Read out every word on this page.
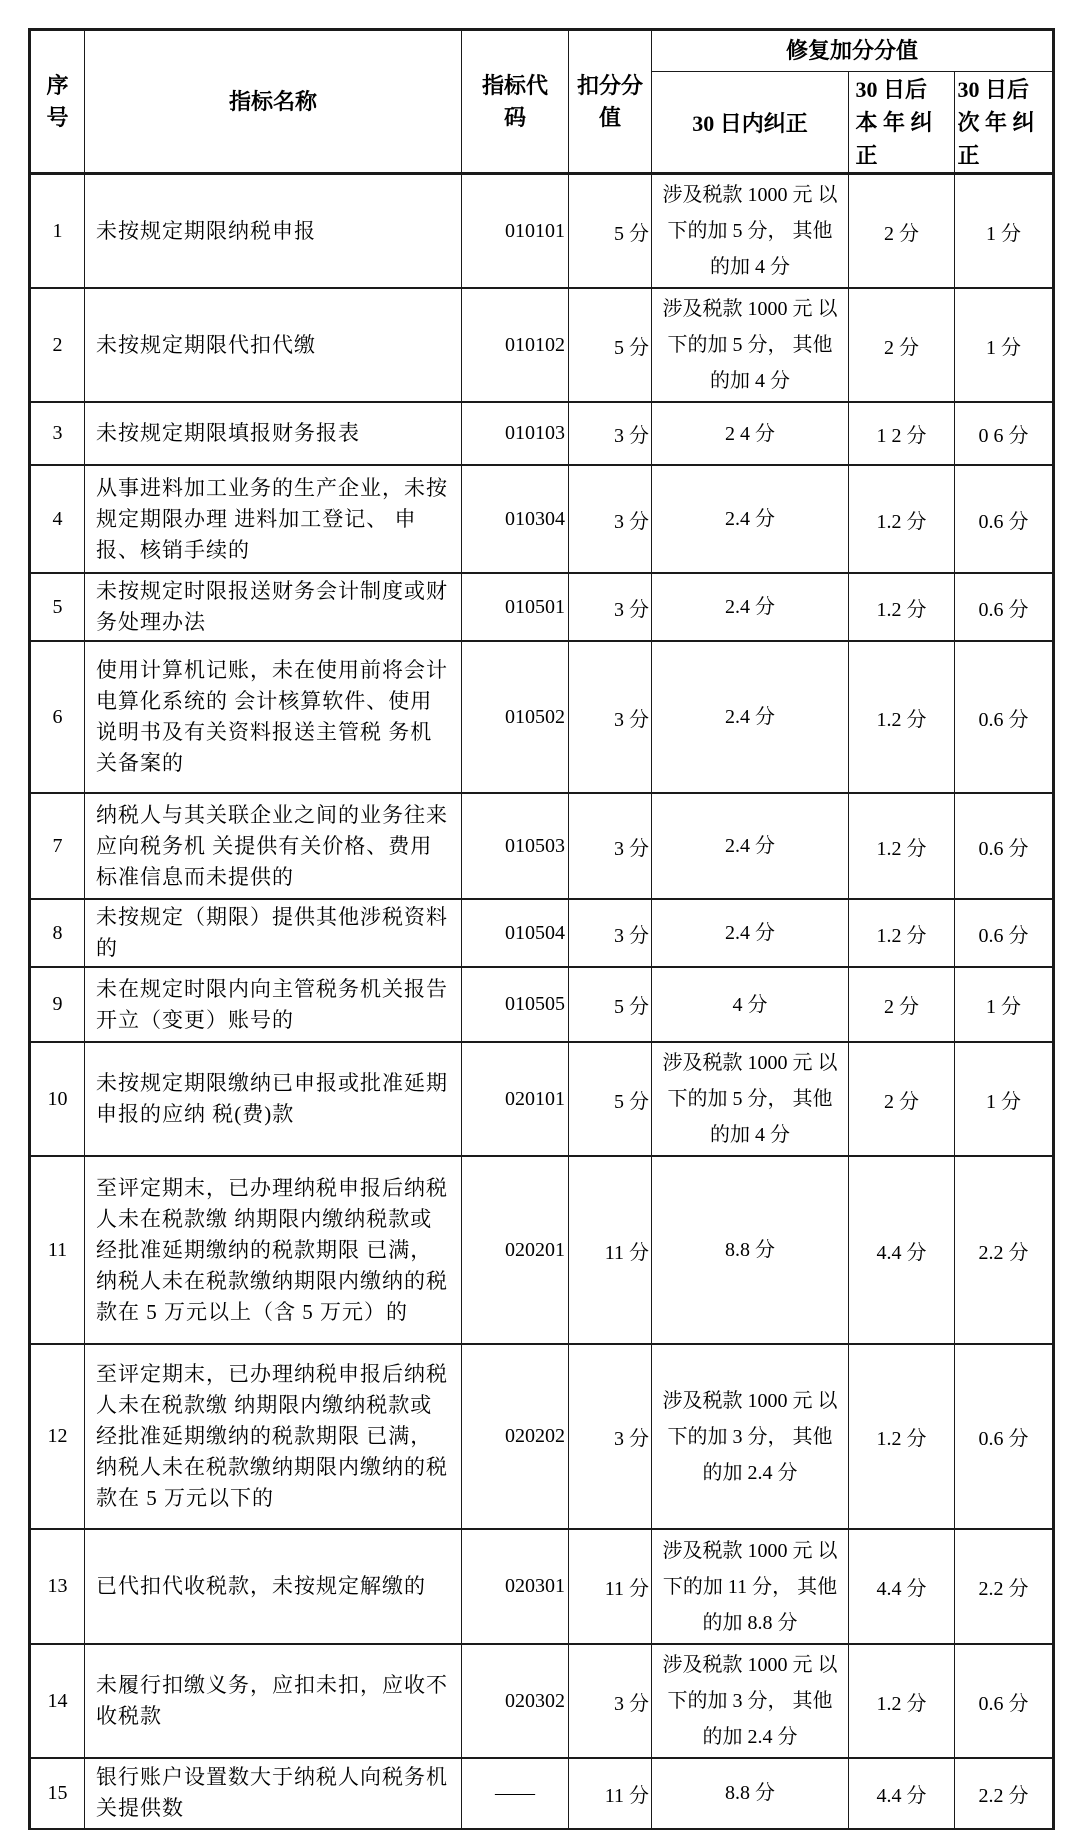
序号	指标名称	指标代码	扣分分值	修复加分分值		
				30 日内纠正	30 日后 本 年 纠 正	30 日后 次 年 纠 正

1	未按规定期限纳税申报	010101	5 分	涉及税款 1000 元 以下的加 5 分， 其他的加 4 分	2 分	1 分
2	未按规定期限代扣代缴	010102	5 分	涉及税款 1000 元 以下的加 5 分， 其他的加 4 分	2 分	1 分
3	未按规定期限填报财务报表	010103	3 分	2 4 分	1 2 分	0 6 分
4	从事进料加工业务的生产企业，未按规定期限办理 进料加工登记、 申报、核销手续的	010304	3 分	2.4 分	1.2 分	0.6 分
5	未按规定时限报送财务会计制度或财务处理办法	010501	3 分	2.4 分	1.2 分	0.6 分
6	使用计算机记账，未在使用前将会计电算化系统的 会计核算软件、使用说明书及有关资料报送主管税 务机关备案的	010502	3 分	2.4 分	1.2 分	0.6 分
7	纳税人与其关联企业之间的业务往来应向税务机 关提供有关价格、费用标准信息而未提供的	010503	3 分	2.4 分	1.2 分	0.6 分
8	未按规定（期限）提供其他涉税资料的	010504	3 分	2.4 分	1.2 分	0.6 分
9	未在规定时限内向主管税务机关报告开立（变更）账号的	010505	5 分	4 分	2 分	1 分
10	未按规定期限缴纳已申报或批准延期申报的应纳 税(费)款	020101	5 分	涉及税款 1000 元 以下的加 5 分， 其他的加 4 分	2 分	1 分
11	至评定期末，已办理纳税申报后纳税人未在税款缴 纳期限内缴纳税款或经批准延期缴纳的税款期限 已满，纳税人未在税款缴纳期限内缴纳的税款在 5 万元以上（含 5 万元）的	020201	11 分	8.8 分	4.4 分	2.2 分
12	至评定期末，已办理纳税申报后纳税人未在税款缴 纳期限内缴纳税款或经批准延期缴纳的税款期限 已满，纳税人未在税款缴纳期限内缴纳的税款在 5 万元以下的	020202	3 分	涉及税款 1000 元 以下的加 3 分， 其他的加 2.4 分	1.2 分	0.6 分
13	已代扣代收税款，未按规定解缴的	020301	11 分	涉及税款 1000 元 以下的加 11 分， 其他的加 8.8 分	4.4 分	2.2 分
14	未履行扣缴义务，应扣未扣，应收不收税款	020302	3 分	涉及税款 1000 元 以下的加 3 分， 其他的加 2.4 分	1.2 分	0.6 分
15	银行账户设置数大于纳税人向税务机关提供数	——	11 分	8.8 分	4.4 分	2.2 分
